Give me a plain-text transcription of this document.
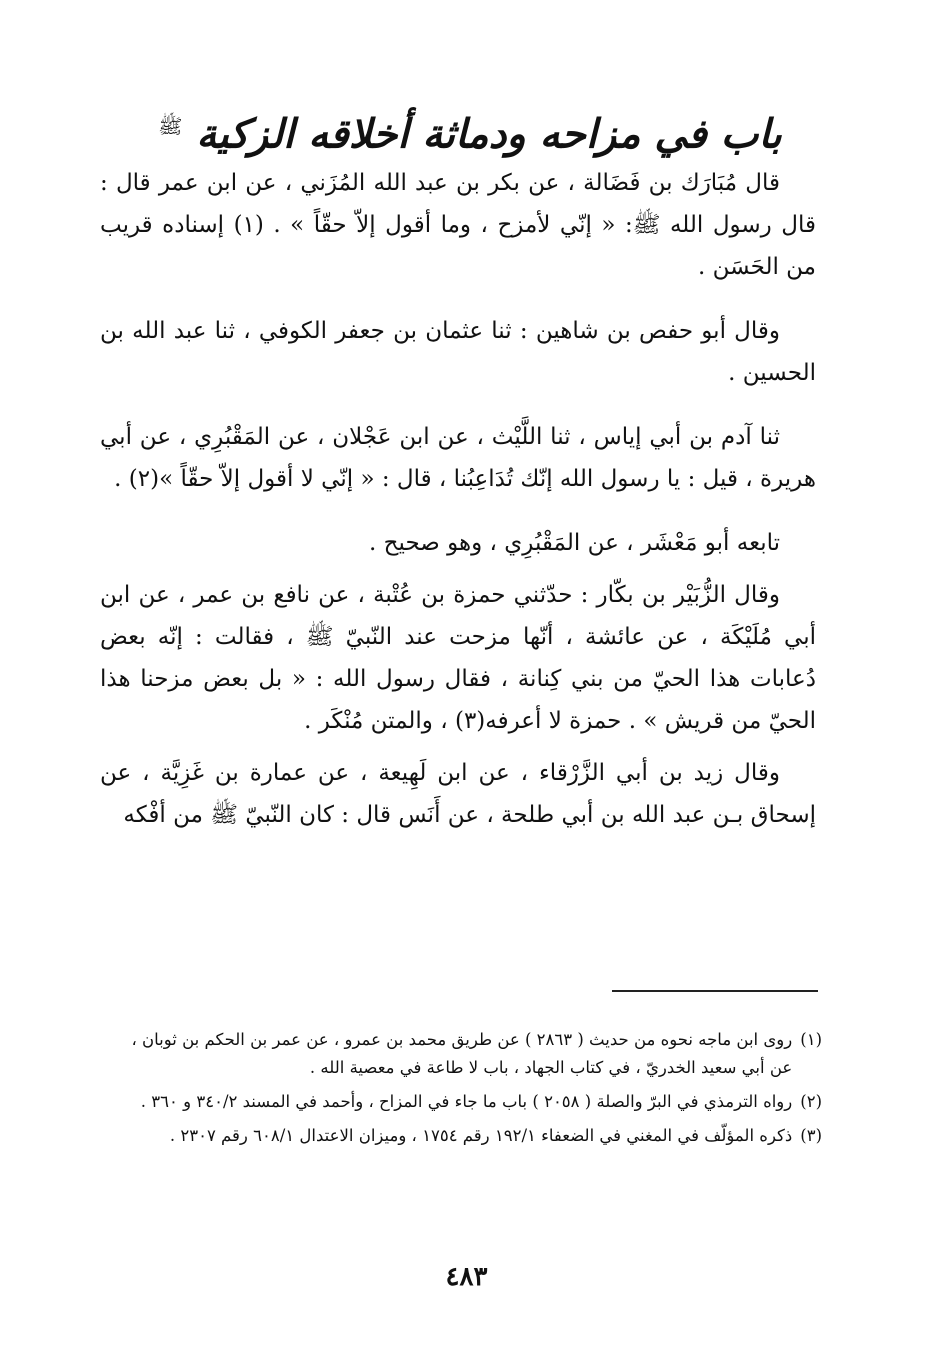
باب في مزاحه ودماثة أخلاقه الزكية $^ﷺ$

قال مُبَارَك بن فَضَالة ، عن بكر بن عبد الله المُزَني ، عن ابن عمر قال : قال رسول الله ﷺ: « إنّي لأمزح ، وما أقول إلاّ حقّاً » . (١) إسناده قريب من الحَسَن .

وقال أبو حفص بن شاهين : ثنا عثمان بن جعفر الكوفي ، ثنا عبد الله بن الحسين .

ثنا آدم بن أبي إياس ، ثنا اللَّيْث ، عن ابن عَجْلان ، عن المَقْبُرِي ، عن أبي هريرة ، قيل : يا رسول الله إنّك تُدَاعِبُنا ، قال : « إنّي لا أقول إلاّ حقّاً »(٢) .

تابعه أبو مَعْشَر ، عن المَقْبُرِي ، وهو صحيح .

وقال الزُّبَيْر بن بكّار : حدّثني حمزة بن عُتْبة ، عن نافع بن عمر ، عن ابن أبي مُلَيْكَة ، عن عائشة ، أنّها مزحت عند النّبيّ ﷺ ، فقالت : إنّه بعض دُعابات هذا الحيّ من بني كِنانة ، فقال رسول الله : « بل بعض مزحنا هذا الحيّ من قريش » . حمزة لا أعرفه(٣) ، والمتن مُنْكَر .

وقال زيد بن أبي الزَّرْقاء ، عن ابن لَهِيعة ، عن عمارة بن غَزِيَّة ، عن إسحاق بـن عبد الله بن أبي طلحة ، عن أَنَس قال : كان النّبيّ ﷺ من أفْكه

(١)
روى ابن ماجه نحوه من حديث ( ٢٨٦٣ ) عن طريق محمد بن عمرو ، عن عمر بن الحكم بن ثوبان ، عن أبي سعيد الخدريّ ، في كتاب الجهاد ، باب لا طاعة في معصية الله .
(٢)
رواه الترمذي في البرّ والصلة ( ٢٠٥٨ ) باب ما جاء في المزاح ، وأحمد في المسند ٣٤٠/٢ و ٣٦٠ .
(٣)
ذكره المؤلّف في المغني في الضعفاء ١٩٢/١ رقم ١٧٥٤ ، وميزان الاعتدال ٦٠٨/١ رقم ٢٣٠٧ .
٤٨٣
